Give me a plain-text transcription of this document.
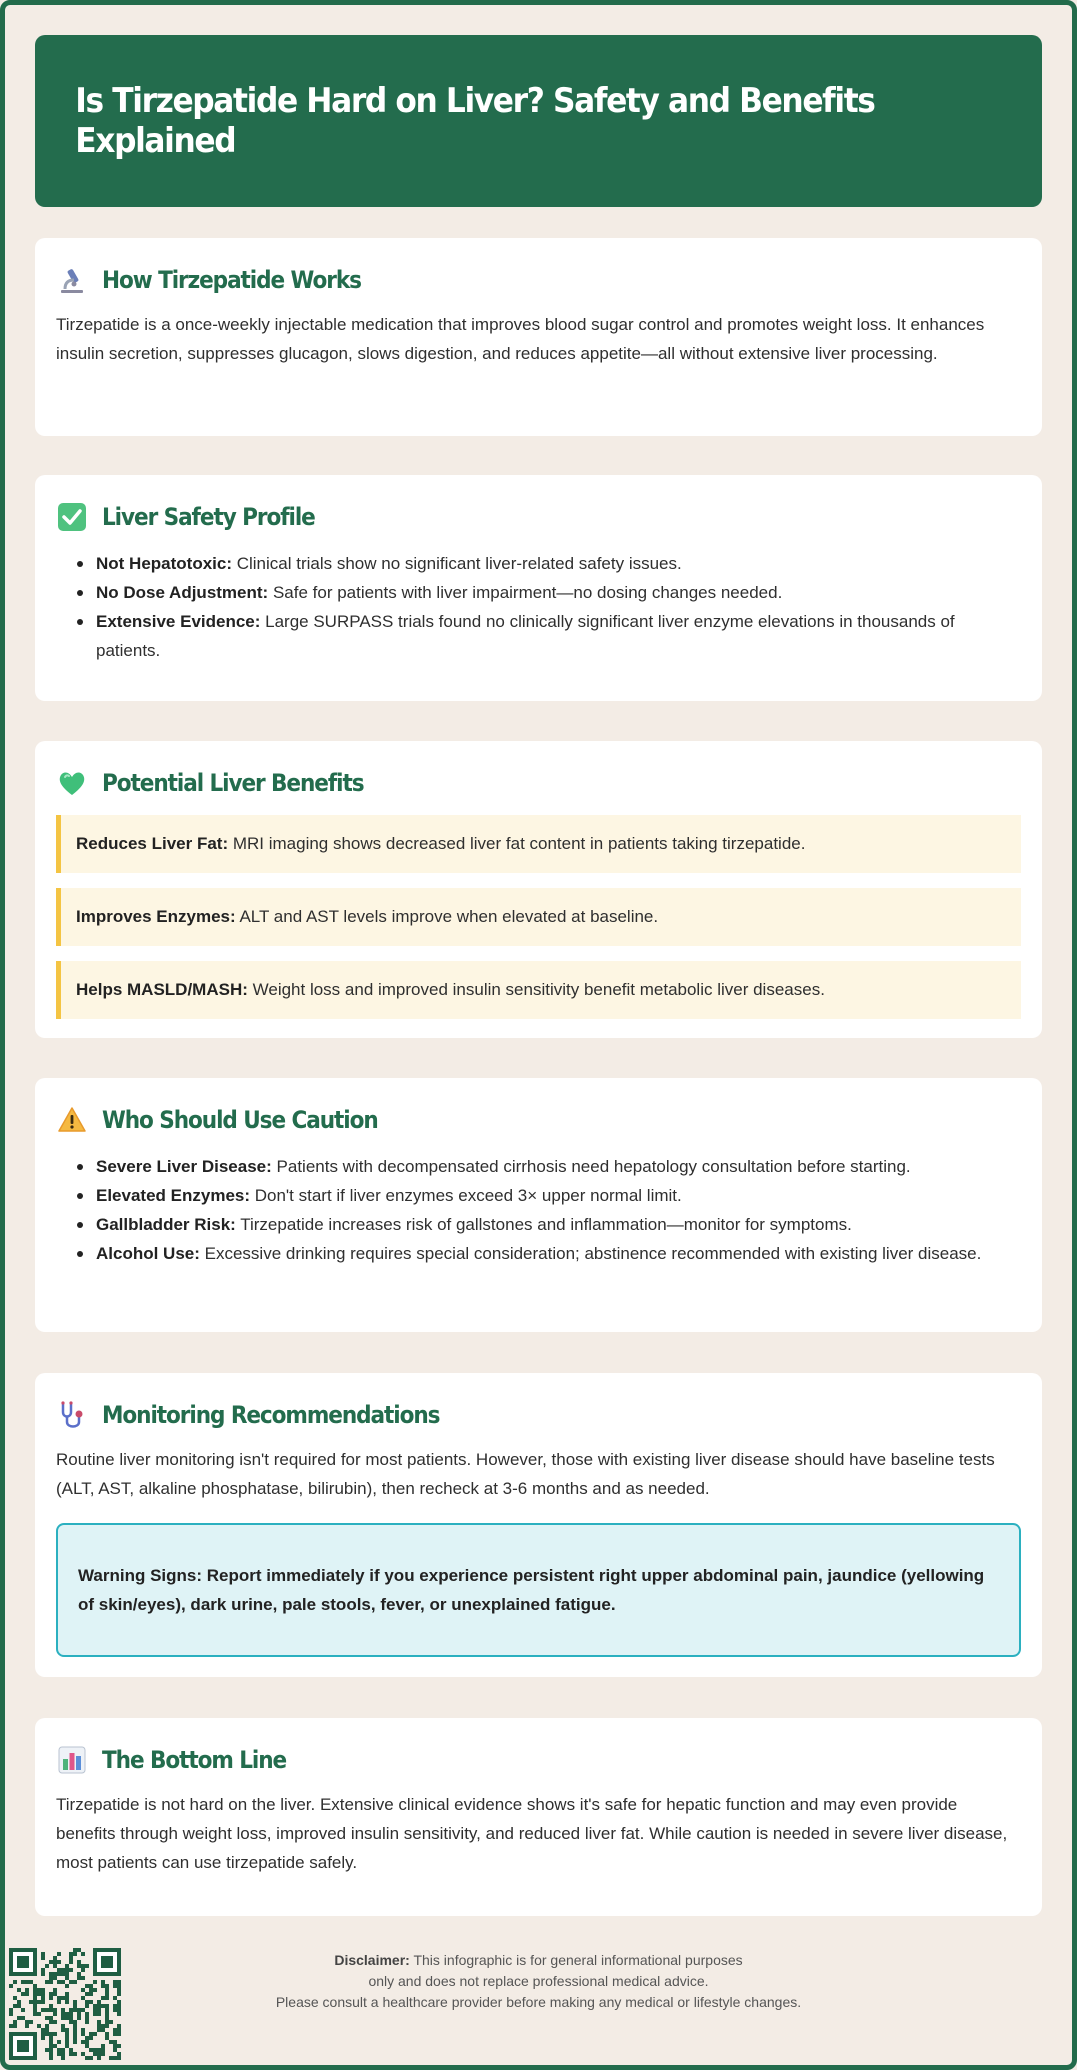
Is Tirzepatide Hard on Liver? Safety and Benefits Explained
How Tirzepatide Works

Tirzepatide is a once-weekly injectable medication that improves blood sugar control and promotes weight loss. It enhances insulin secretion, suppresses glucagon, slows digestion, and reduces appetite—all without extensive liver processing.

Liver Safety Profile
Not Hepatotoxic: Clinical trials show no significant liver-related safety issues.
No Dose Adjustment: Safe for patients with liver impairment—no dosing changes needed.
Extensive Evidence: Large SURPASS trials found no clinically significant liver enzyme elevations in thousands of patients.
Potential Liver Benefits
Reduces Liver Fat: MRI imaging shows decreased liver fat content in patients taking tirzepatide.
Improves Enzymes: ALT and AST levels improve when elevated at baseline.
Helps MASLD/MASH: Weight loss and improved insulin sensitivity benefit metabolic liver diseases.
Who Should Use Caution
Severe Liver Disease: Patients with decompensated cirrhosis need hepatology consultation before starting.
Elevated Enzymes: Don't start if liver enzymes exceed 3× upper normal limit.
Gallbladder Risk: Tirzepatide increases risk of gallstones and inflammation—monitor for symptoms.
Alcohol Use: Excessive drinking requires special consideration; abstinence recommended with existing liver disease.
Monitoring Recommendations

Routine liver monitoring isn't required for most patients. However, those with existing liver disease should have baseline tests (ALT, AST, alkaline phosphatase, bilirubin), then recheck at 3-6 months and as needed.

Warning Signs: Report immediately if you experience persistent right upper abdominal pain, jaundice (yellowing of skin/eyes), dark urine, pale stools, fever, or unexplained fatigue.
The Bottom Line

Tirzepatide is not hard on the liver. Extensive clinical evidence shows it's safe for hepatic function and may even provide benefits through weight loss, improved insulin sensitivity, and reduced liver fat. While caution is needed in severe liver disease, most patients can use tirzepatide safely.

Disclaimer: This infographic is for general informational purposes
only and does not replace professional medical advice.
Please consult a healthcare provider before making any medical or lifestyle changes.
